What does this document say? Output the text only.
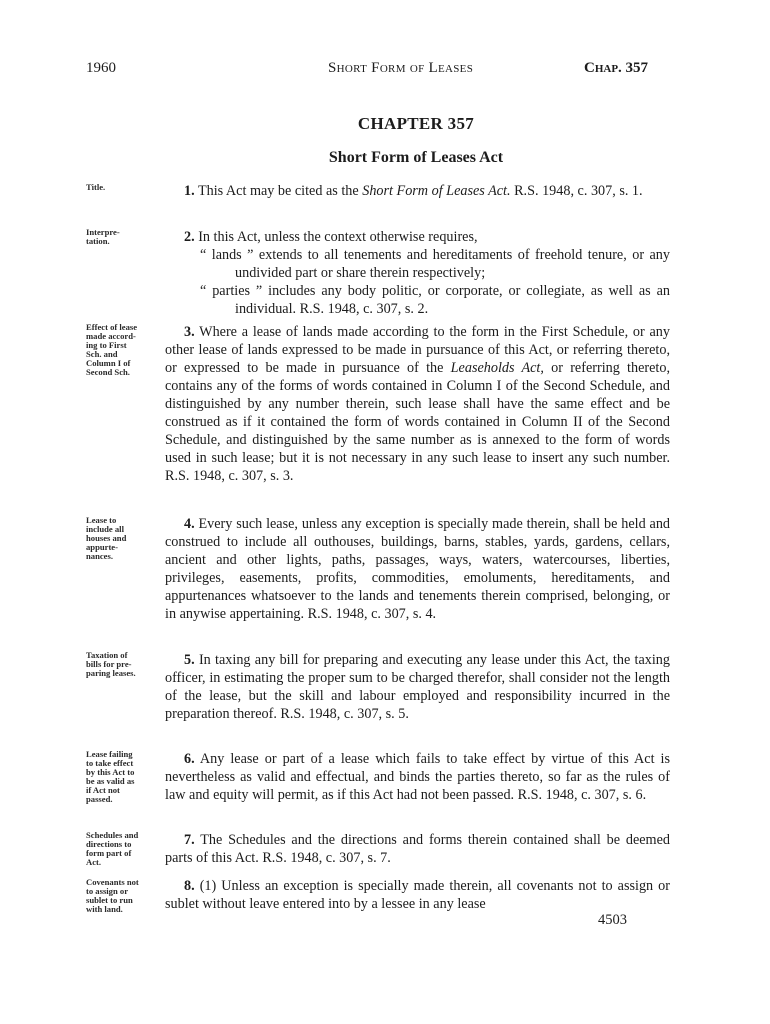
1960	Short Form of Leases	Chap. 357
CHAPTER 357
Short Form of Leases Act
Title.
Interpre-
tation.
Effect of lease
made accord-
ing to First
Sch. and
Column I of
Second Sch.
Lease to
include all
houses and
appurte-
nances.
Taxation of
bills for pre-
paring leases.
Lease failing
to take effect
by this Act to
be as valid as
if Act not
passed.
Schedules and
directions to
form part of
Act.
Covenants not
to assign or
sublet to run
with land.
1. This Act may be cited as the Short Form of Leases Act. R.S. 1948, c. 307, s. 1.
2. In this Act, unless the context otherwise requires,
“ lands ” extends to all tenements and hereditaments of freehold tenure, or any undivided part or share therein respectively;
“ parties ” includes any body politic, or corporate, or collegiate, as well as an individual. R.S. 1948, c. 307, s. 2.
3. Where a lease of lands made according to the form in the First Schedule, or any other lease of lands expressed to be made in pursuance of this Act, or referring thereto, or expressed to be made in pursuance of the Leaseholds Act, or referring thereto, contains any of the forms of words contained in Column I of the Second Schedule, and distinguished by any number therein, such lease shall have the same effect and be construed as if it contained the form of words contained in Column II of the Second Schedule, and distinguished by the same number as is annexed to the form of words used in such lease; but it is not necessary in any such lease to insert any such number. R.S. 1948, c. 307, s. 3.
4. Every such lease, unless any exception is specially made therein, shall be held and construed to include all outhouses, buildings, barns, stables, yards, gardens, cellars, ancient and other lights, paths, passages, ways, waters, watercourses, liberties, privileges, easements, profits, commodities, emoluments, hereditaments, and appurtenances whatsoever to the lands and tenements therein comprised, belonging, or in anywise appertaining. R.S. 1948, c. 307, s. 4.
5. In taxing any bill for preparing and executing any lease under this Act, the taxing officer, in estimating the proper sum to be charged therefor, shall consider not the length of the lease, but the skill and labour employed and responsibility incurred in the preparation thereof. R.S. 1948, c. 307, s. 5.
6. Any lease or part of a lease which fails to take effect by virtue of this Act is nevertheless as valid and effectual, and binds the parties thereto, so far as the rules of law and equity will permit, as if this Act had not been passed. R.S. 1948, c. 307, s. 6.
7. The Schedules and the directions and forms therein contained shall be deemed parts of this Act. R.S. 1948, c. 307, s. 7.
8. (1) Unless an exception is specially made therein, all covenants not to assign or sublet without leave entered into by a lessee in any lease
4503
